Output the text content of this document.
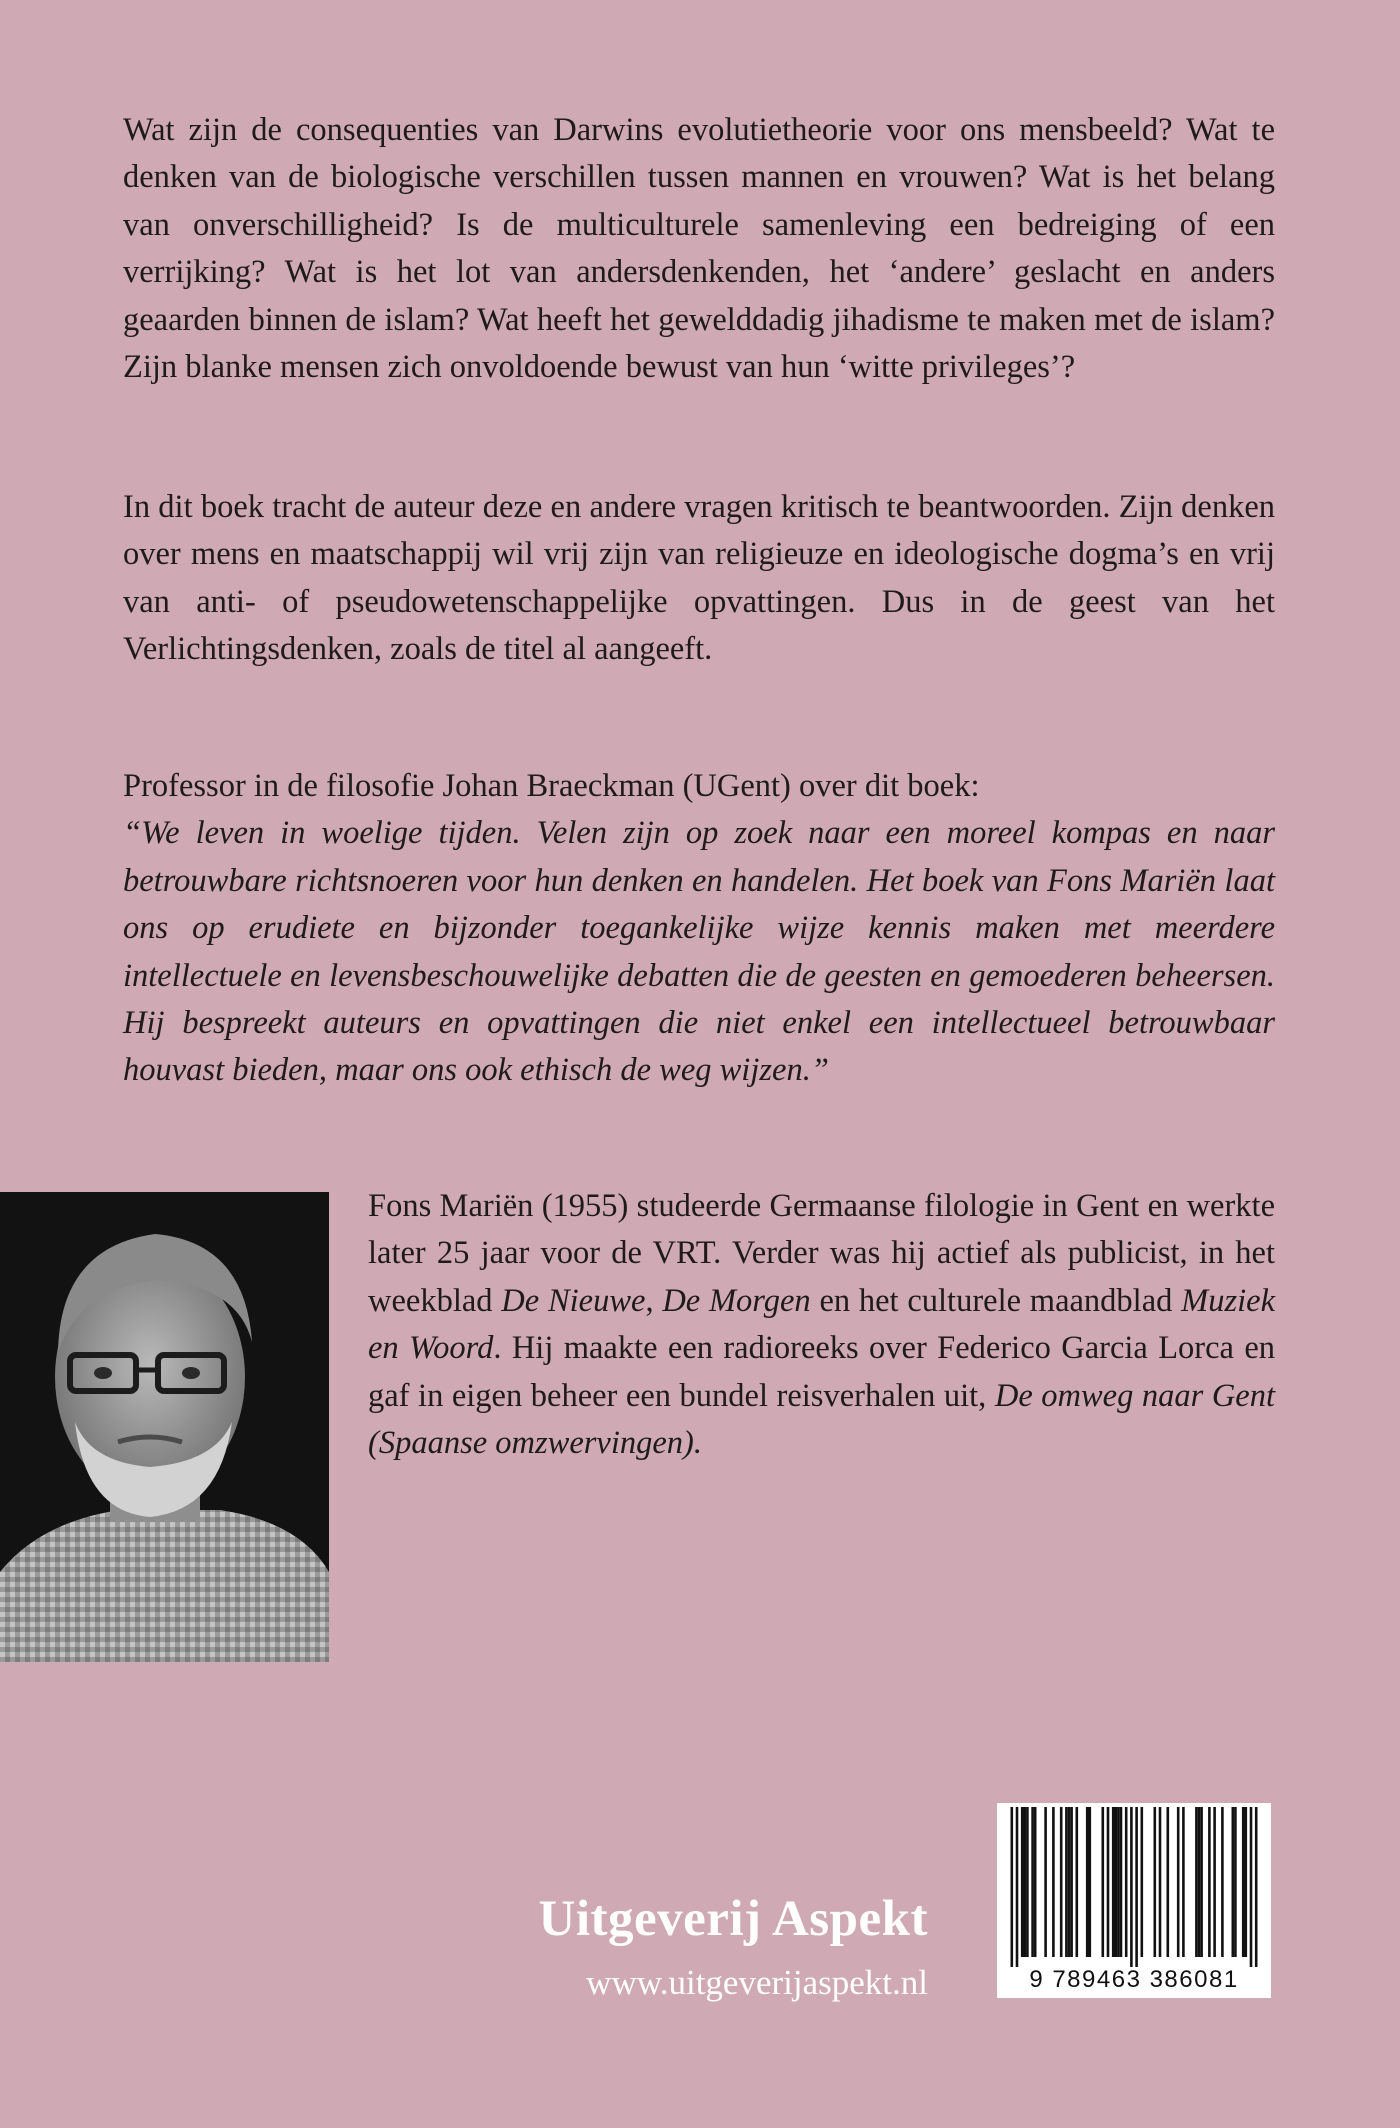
Wat zijn de consequenties van Darwins evolutietheorie voor ons mensbeeld? Wat te denken van de biologische verschillen tussen mannen en vrouwen? Wat is het belang van onverschilligheid? Is de multiculturele samenleving een bedreiging of een verrijking? Wat is het lot van andersdenkenden, het ‘andere’ geslacht en anders geaarden binnen de islam? Wat heeft het gewelddadig jihadisme te maken met de islam? Zijn blanke mensen zich onvoldoende bewust van hun ‘witte privileges’?

In dit boek tracht de auteur deze en andere vragen kritisch te beantwoorden. Zijn denken over mens en maatschappij wil vrij zijn van religieuze en ideologische dogma’s en vrij van anti- of pseudowetenschappelijke opvattingen. Dus in de geest van het Verlichtingsdenken, zoals de titel al aangeeft.

Professor in de filosofie Johan Braeckman (UGent) over dit boek:
“We leven in woelige tijden. Velen zijn op zoek naar een moreel kompas en naar betrouwbare richtsnoeren voor hun denken en handelen. Het boek van Fons Mariën laat ons op erudiete en bijzonder toegankelijke wijze kennis maken met meerdere intellectuele en levensbeschouwelijke debatten die de geesten en gemoederen beheersen. Hij bespreekt auteurs en opvattingen die niet enkel een intellectueel betrouwbaar houvast bieden, maar ons ook ethisch de weg wijzen.”

Fons Mariën (1955) studeerde Germaanse filologie in Gent en werkte later 25 jaar voor de VRT. Verder was hij actief als publicist, in het weekblad De Nieuwe, De Morgen en het culturele maandblad Muziek en Woord. Hij maakte een radioreeks over Federico Garcia Lorca en gaf in eigen beheer een bundel reisverhalen uit, De omweg naar Gent (Spaanse omzwervingen).

Uitgeverij Aspekt
www.uitgeverijaspekt.nl	9 789463 386081
